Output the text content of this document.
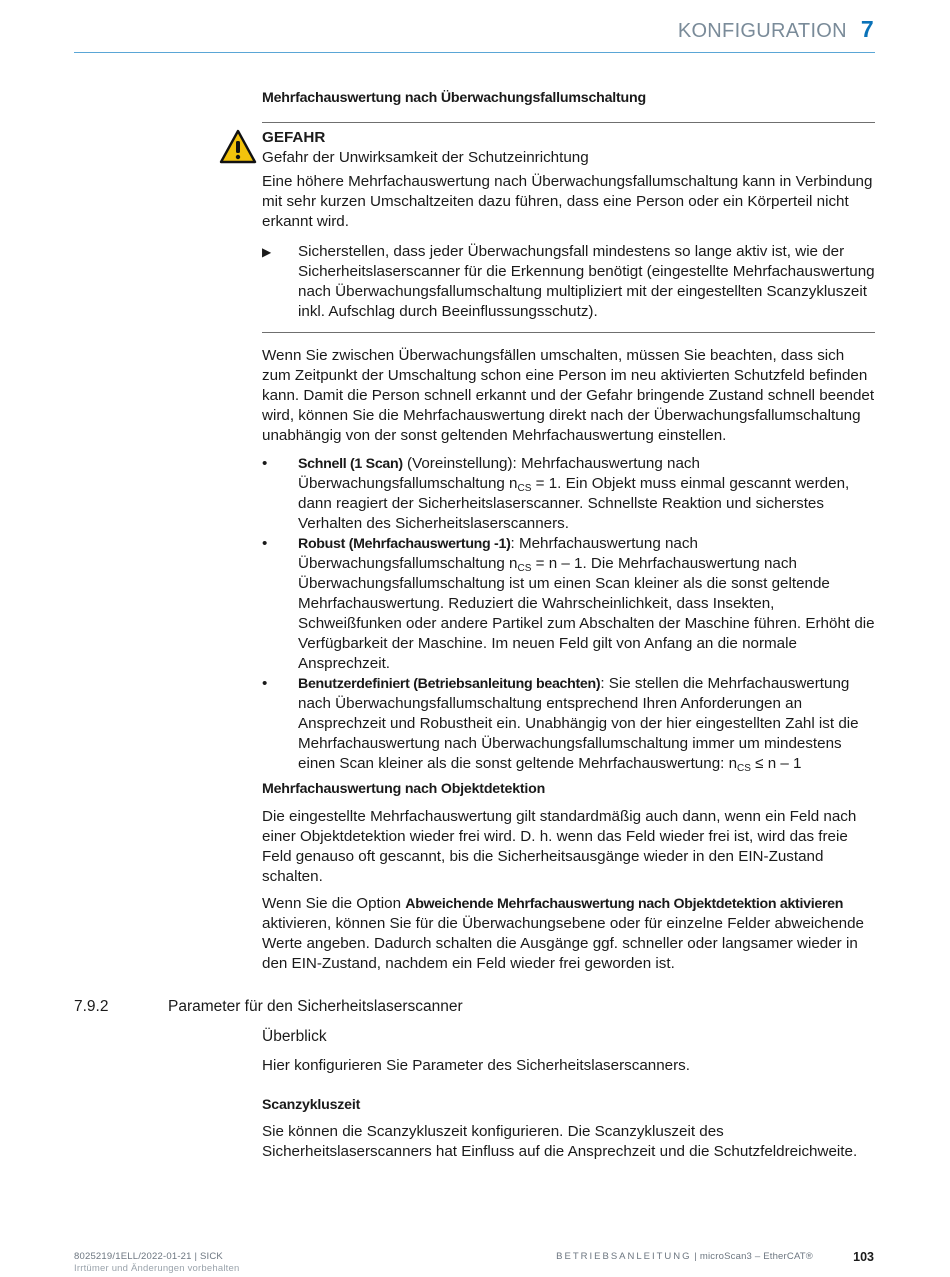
KONFIGURATION 7
Mehrfachauswertung nach Überwachungsfallumschaltung
GEFAHR
Gefahr der Unwirksamkeit der Schutzeinrichtung

Eine höhere Mehrfachauswertung nach Überwachungsfallumschaltung kann in Verbindung mit sehr kurzen Umschaltzeiten dazu führen, dass eine Person oder ein Körperteil nicht erkannt wird.

▶ Sicherstellen, dass jeder Überwachungsfall mindestens so lange aktiv ist, wie der Sicherheitslaserscanner für die Erkennung benötigt (eingestellte Mehrfachauswertung nach Überwachungsfallumschaltung multipliziert mit der eingestellten Scanzykluszeit inkl. Aufschlag durch Beeinflussungsschutz).

Wenn Sie zwischen Überwachungsfällen umschalten, müssen Sie beachten, dass sich zum Zeitpunkt der Umschaltung schon eine Person im neu aktivierten Schutzfeld befinden kann. Damit die Person schnell erkannt und der Gefahr bringende Zustand schnell beendet wird, können Sie die Mehrfachauswertung direkt nach der Überwachungsfallumschaltung unabhängig von der sonst geltenden Mehrfachauswertung einstellen.

• Schnell (1 Scan) (Voreinstellung): Mehrfachauswertung nach Überwachungsfallumschaltung $n_{CS} = 1$. Ein Objekt muss einmal gescannt werden, dann reagiert der Sicherheitslaserscanner. Schnellste Reaktion und sicherstes Verhalten des Sicherheitslaserscanners.
• Robust (Mehrfachauswertung -1): Mehrfachauswertung nach Überwachungsfallumschaltung $n_{CS} = n - 1$. Die Mehrfachauswertung nach Überwachungsfallumschaltung ist um einen Scan kleiner als die sonst geltende Mehrfachauswertung. Reduziert die Wahrscheinlichkeit, dass Insekten, Schweißfunken oder andere Partikel zum Abschalten der Maschine führen. Erhöht die Verfügbarkeit der Maschine. Im neuen Feld gilt von Anfang an die normale Ansprechzeit.
• Benutzerdefiniert (Betriebsanleitung beachten): Sie stellen die Mehrfachauswertung nach Überwachungsfallumschaltung entsprechend Ihren Anforderungen an Ansprechzeit und Robustheit ein. Unabhängig von der hier eingestellten Zahl ist die Mehrfachauswertung nach Überwachungsfallumschaltung immer um mindestens einen Scan kleiner als die sonst geltende Mehrfachauswertung: $n_{CS} \le n - 1$
Mehrfachauswertung nach Objektdetektion

Die eingestellte Mehrfachauswertung gilt standardmäßig auch dann, wenn ein Feld nach einer Objektdetektion wieder frei wird. D. h. wenn das Feld wieder frei ist, wird das freie Feld genauso oft gescannt, bis die Sicherheitsausgänge wieder in den EIN-Zustand schalten.

Wenn Sie die Option Abweichende Mehrfachauswertung nach Objektdetektion aktivieren aktivieren, können Sie für die Überwachungsebene oder für einzelne Felder abweichende Werte angeben. Dadurch schalten die Ausgänge ggf. schneller oder langsamer wieder in den EIN-Zustand, nachdem ein Feld wieder frei geworden ist.

7.9.2	Parameter für den Sicherheitslaserscanner
Überblick
Hier konfigurieren Sie Parameter des Sicherheitslaserscanners.
Scanzykluszeit
Sie können die Scanzykluszeit konfigurieren. Die Scanzykluszeit des Sicherheitslaserscanners hat Einfluss auf die Ansprechzeit und die Schutzfeldreichweite.
8025219/1ELL/2022-01-21 | SICK
Irrtümer und Änderungen vorbehalten
BETRIEBSANLEITUNG | microScan3 – EtherCAT®	103
